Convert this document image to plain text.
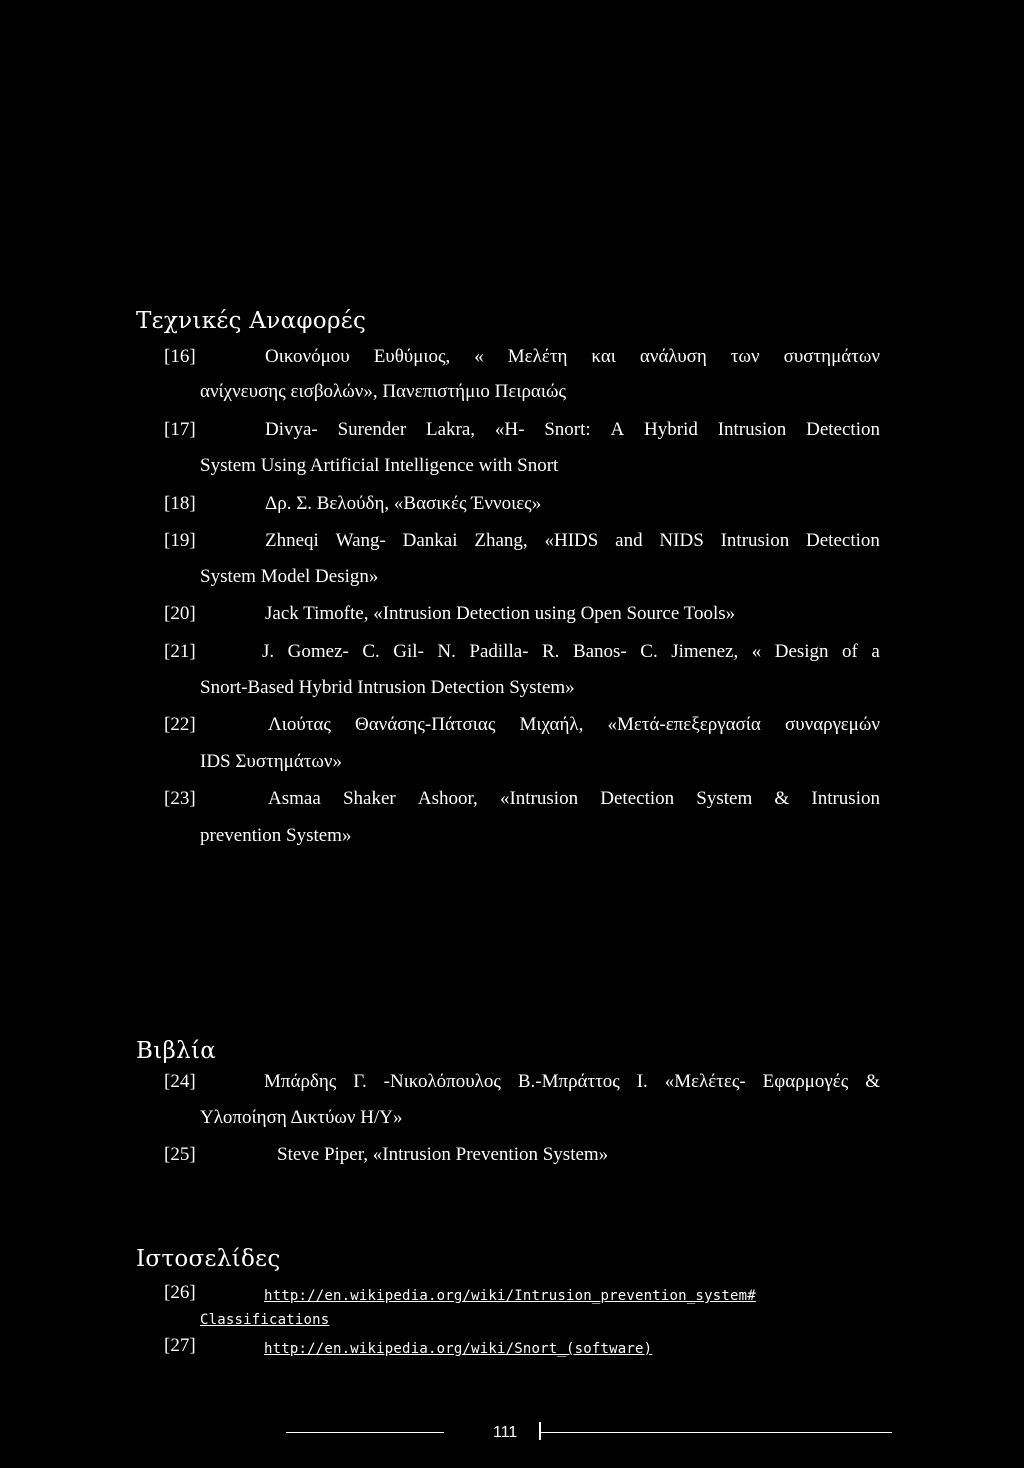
Τεχνικές Αναφορές
[16]	Οικονόμου Ευθύμιος, « Μελέτη και ανάλυση των συστημάτων
ανίχνευσης εισβολών», Πανεπιστήμιο Πειραιώς
[17]	Divya- Surender Lakra, «H- Snort: A Hybrid Intrusion Detection
System Using Artificial Intelligence with Snort
[18]	Δρ. Σ. Βελούδη, «Βασικές Έννοιες»
[19]	Zhneqi Wang- Dankai Zhang, «HIDS and NIDS Intrusion Detection
System Model Design»
[20]	Jack Timofte, «Intrusion Detection using Open Source Tools»
[21]	J. Gomez- C. Gil- N. Padilla- R. Banos- C. Jimenez, « Design of a
Snort-Based Hybrid Intrusion Detection System»
[22]	Λιούτας Θανάσης-Πάτσιας Μιχαήλ, «Μετά-επεξεργασία συναργεμών
IDS Συστημάτων»
[23]	Asmaa Shaker Ashoor, «Intrusion Detection System & Intrusion
prevention System»
Βιβλία
[24]	Μπάρδης Γ. -Νικολόπουλος Β.-Μπράττος Ι. «Μελέτες- Εφαρμογές &
Υλοποίηση Δικτύων Η/Υ»
[25]	Steve Piper, «Intrusion Prevention System»
Ιστοσελίδες
[26]	http://en.wikipedia.org/wiki/Intrusion_prevention_system#
Classifications
[27]	http://en.wikipedia.org/wiki/Snort_(software)
111
